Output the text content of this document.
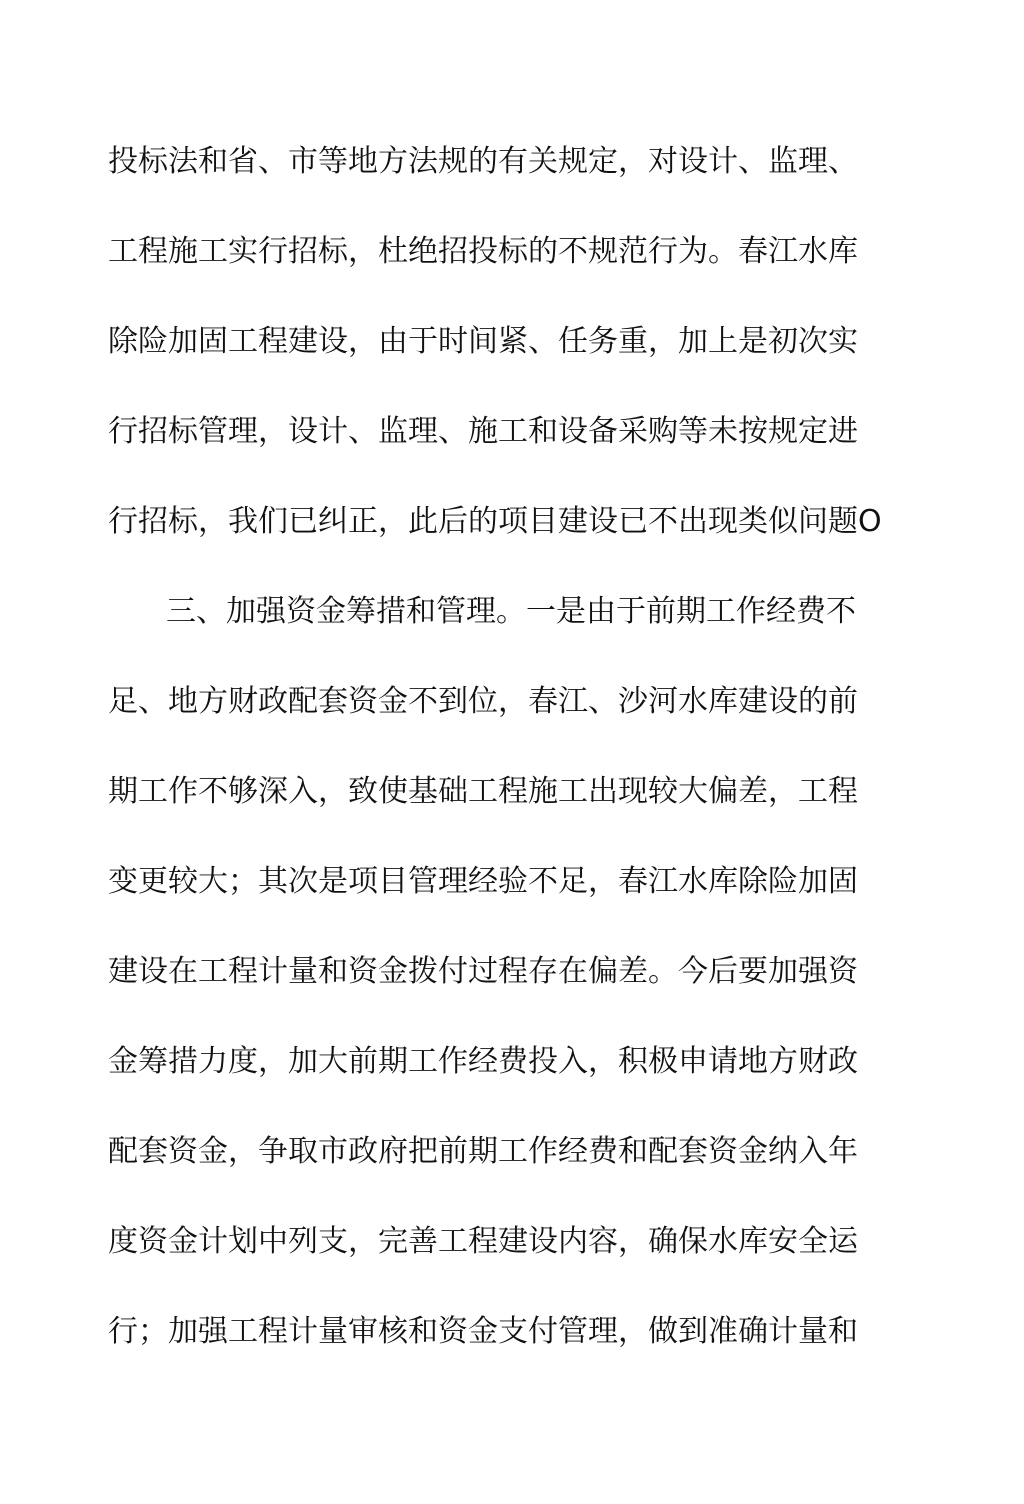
投标法和省、市等地方法规的有关规定，对设计、监理、
工程施工实行招标，杜绝招投标的不规范行为。春江水库
除险加固工程建设，由于时间紧、任务重，加上是初次实
行招标管理，设计、监理、施工和设备采购等未按规定进
行招标，我们已纠正，此后的项目建设已不出现类似问题O
三、加强资金筹措和管理。一是由于前期工作经费不
足、地方财政配套资金不到位，春江、沙河水库建设的前
期工作不够深入，致使基础工程施工出现较大偏差，工程
变更较大；其次是项目管理经验不足，春江水库除险加固
建设在工程计量和资金拨付过程存在偏差。今后要加强资
金筹措力度，加大前期工作经费投入，积极申请地方财政
配套资金，争取市政府把前期工作经费和配套资金纳入年
度资金计划中列支，完善工程建设内容，确保水库安全运
行；加强工程计量审核和资金支付管理，做到准确计量和
